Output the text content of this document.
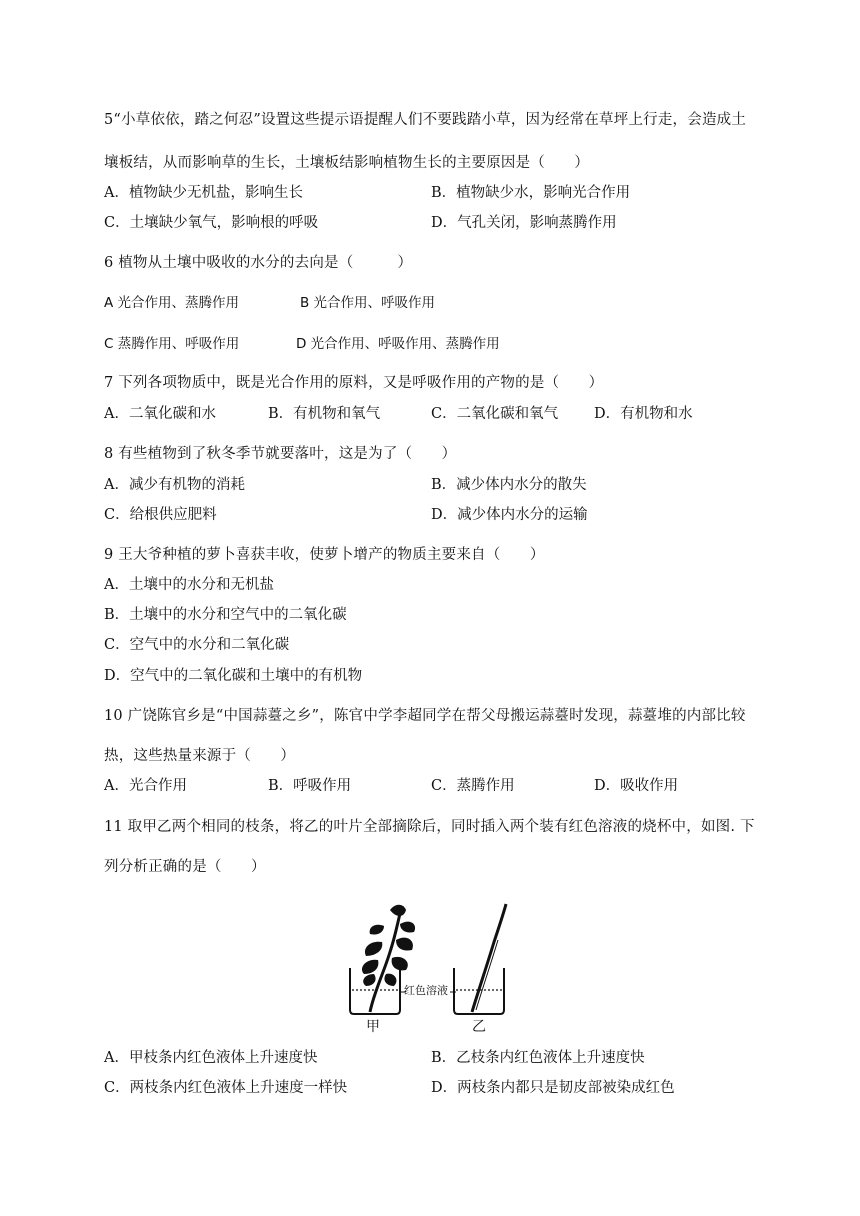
5“小草依依，踏之何忍”设置这些提示语提醒人们不要践踏小草，因为经常在草坪上行走，会造成土
壤板结，从而影响草的生长，土壤板结影响植物生长的主要原因是（　　）
A．植物缺少无机盐，影响生长	B．植物缺少水，影响光合作用
C．土壤缺少氧气，影响根的呼吸	D．气孔关闭，影响蒸腾作用
6 植物从土壤中吸收的水分的去向是（　　　）
A 光合作用、蒸腾作用	B 光合作用、呼吸作用
C 蒸腾作用、呼吸作用	D 光合作用、呼吸作用、蒸腾作用
7 下列各项物质中，既是光合作用的原料，又是呼吸作用的产物的是（　　）
A．二氧化碳和水	B．有机物和氧气	C．二氧化碳和氧气 D．有机物和水
8 有些植物到了秋冬季节就要落叶，这是为了（　　）
A．减少有机物的消耗	B．减少体内水分的散失
C．给根供应肥料	D．减少体内水分的运输
9 王大爷种植的萝卜喜获丰收，使萝卜增产的物质主要来自（　　）
A．土壤中的水分和无机盐
B．土壤中的水分和空气中的二氧化碳
C．空气中的水分和二氧化碳
D．空气中的二氧化碳和土壤中的有机物
10 广饶陈官乡是“中国蒜薹之乡”，陈官中学李超同学在帮父母搬运蒜薹时发现，蒜薹堆的内部比较
热，这些热量来源于（　　）
A．光合作用	B．呼吸作用	C．蒸腾作用	D．吸收作用
11 取甲乙两个相同的枝条，将乙的叶片全部摘除后，同时插入两个装有红色溶液的烧杯中，如图. 下
列分析正确的是（　　）
红色溶液
甲	乙
A．甲枝条内红色液体上升速度快	B．乙枝条内红色液体上升速度快
C．两枝条内红色液体上升速度一样快	D．两枝条内都只是韧皮部被染成红色
